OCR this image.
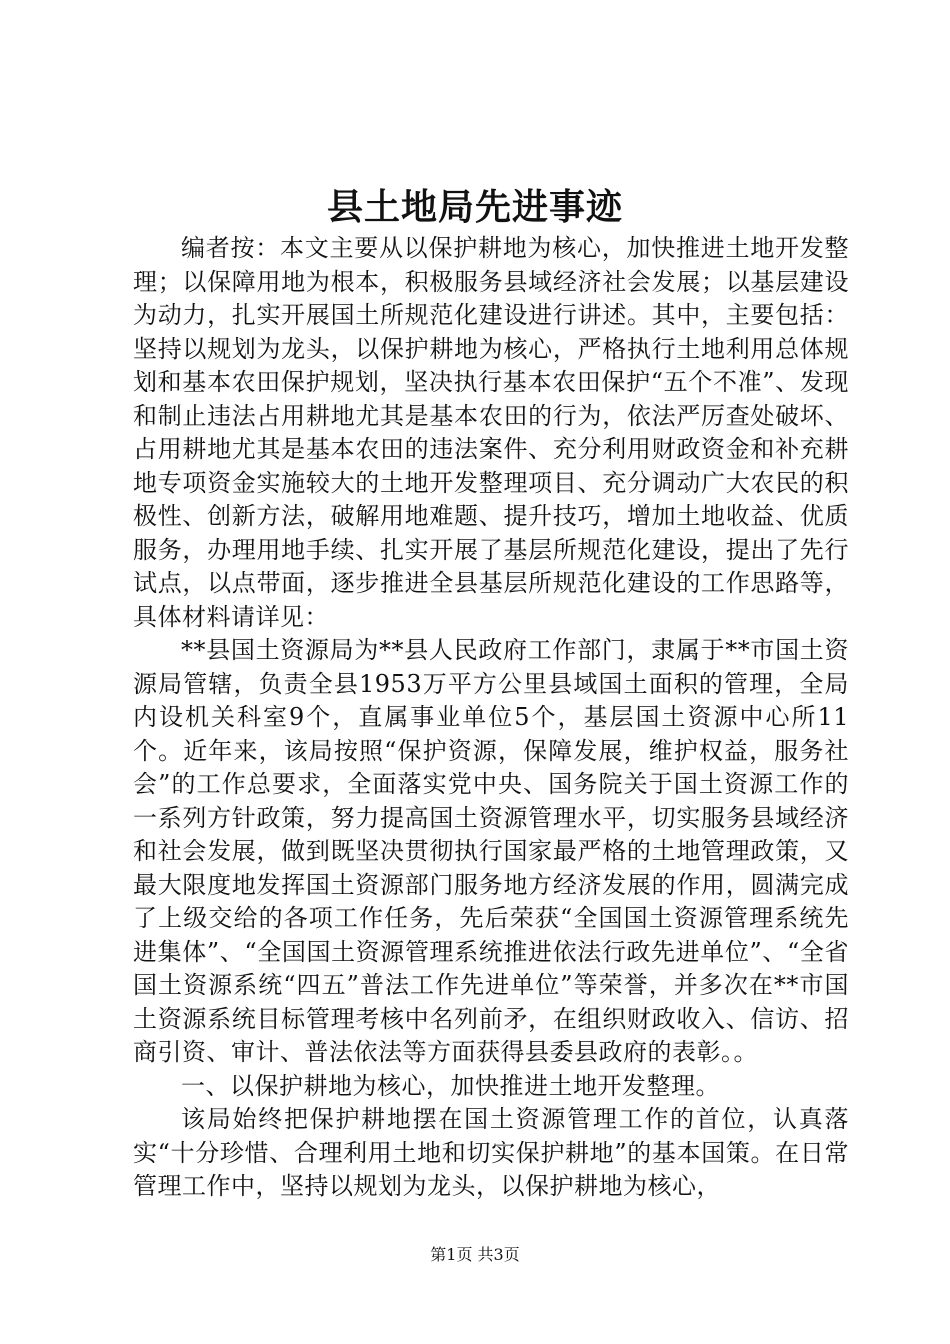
县土地局先进事迹

编者按：本文主要从以保护耕地为核心，加快推进土地开发整理；以保障用地为根本，积极服务县域经济社会发展；以基层建设为动力，扎实开展国土所规范化建设进行讲述。其中，主要包括：坚持以规划为龙头，以保护耕地为核心，严格执行土地利用总体规划和基本农田保护规划，坚决执行基本农田保护“五个不准”、发现和制止违法占用耕地尤其是基本农田的行为，依法严厉查处破坏、占用耕地尤其是基本农田的违法案件、充分利用财政资金和补充耕地专项资金实施较大的土地开发整理项目、充分调动广大农民的积极性、创新方法，破解用地难题、提升技巧，增加土地收益、优质服务，办理用地手续、扎实开展了基层所规范化建设，提出了先行试点，以点带面，逐步推进全县基层所规范化建设的工作思路等，具体材料请详见：

**县国土资源局为**县人民政府工作部门，隶属于**市国土资源局管辖，负责全县1953万平方公里县域国土面积的管理，全局内设机关科室9个，直属事业单位5个，基层国土资源中心所11个。近年来，该局按照“保护资源，保障发展，维护权益，服务社会”的工作总要求，全面落实党中央、国务院关于国土资源工作的一系列方针政策，努力提高国土资源管理水平，切实服务县域经济和社会发展，做到既坚决贯彻执行国家最严格的土地管理政策，又最大限度地发挥国土资源部门服务地方经济发展的作用，圆满完成了上级交给的各项工作任务，先后荣获“全国国土资源管理系统先进集体”、“全国国土资源管理系统推进依法行政先进单位”、“全省国土资源系统“四五”普法工作先进单位”等荣誉，并多次在**市国土资源系统目标管理考核中名列前矛，在组织财政收入、信访、招商引资、审计、普法依法等方面获得县委县政府的表彰。。

一、以保护耕地为核心，加快推进土地开发整理。

该局始终把保护耕地摆在国土资源管理工作的首位，认真落实“十分珍惜、合理利用土地和切实保护耕地”的基本国策。在日常管理工作中，坚持以规划为龙头，以保护耕地为核心，

第1页 共3页
